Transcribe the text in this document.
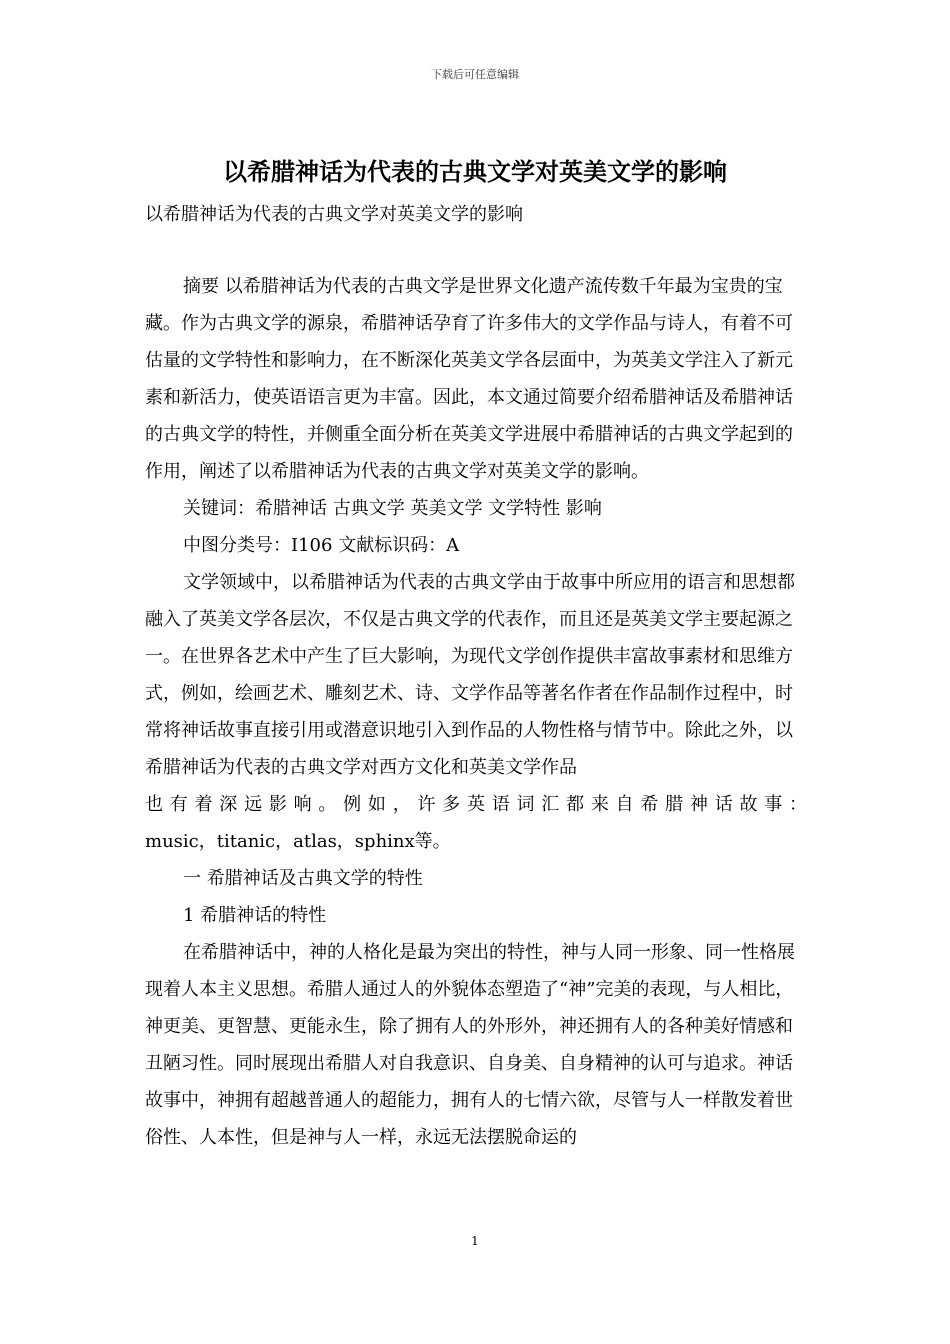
下载后可任意编辑
以希腊神话为代表的古典文学对英美文学的影响
以希腊神话为代表的古典文学对英美文学的影响

摘要 以希腊神话为代表的古典文学是世界文化遗产流传数千年最为宝贵的宝藏。作为古典文学的源泉，希腊神话孕育了许多伟大的文学作品与诗人，有着不可估量的文学特性和影响力，在不断深化英美文学各层面中，为英美文学注入了新元素和新活力，使英语语言更为丰富。因此，本文通过简要介绍希腊神话及希腊神话的古典文学的特性，并侧重全面分析在英美文学进展中希腊神话的古典文学起到的作用，阐述了以希腊神话为代表的古典文学对英美文学的影响。

关键词：希腊神话 古典文学 英美文学 文学特性 影响

中图分类号：I106 文献标识码：A

文学领域中，以希腊神话为代表的古典文学由于故事中所应用的语言和思想都融入了英美文学各层次，不仅是古典文学的代表作，而且还是英美文学主要起源之一。在世界各艺术中产生了巨大影响，为现代文学创作提供丰富故事素材和思维方式，例如，绘画艺术、雕刻艺术、诗、文学作品等著名作者在作品制作过程中，时常将神话故事直接引用或潜意识地引入到作品的人物性格与情节中。除此之外，以希腊神话为代表的古典文学对西方文化和英美文学作品

也有着深远影响。例如，许多英语词汇都来自希腊神话故事：

music，titanic，atlas，sphinx等。

一 希腊神话及古典文学的特性

1 希腊神话的特性

在希腊神话中，神的人格化是最为突出的特性，神与人同一形象、同一性格展现着人本主义思想。希腊人通过人的外貌体态塑造了“神”完美的表现，与人相比，神更美、更智慧、更能永生，除了拥有人的外形外，神还拥有人的各种美好情感和丑陋习性。同时展现出希腊人对自我意识、自身美、自身精神的认可与追求。神话故事中，神拥有超越普通人的超能力，拥有人的七情六欲，尽管与人一样散发着世俗性、人本性，但是神与人一样，永远无法摆脱命运的

1
